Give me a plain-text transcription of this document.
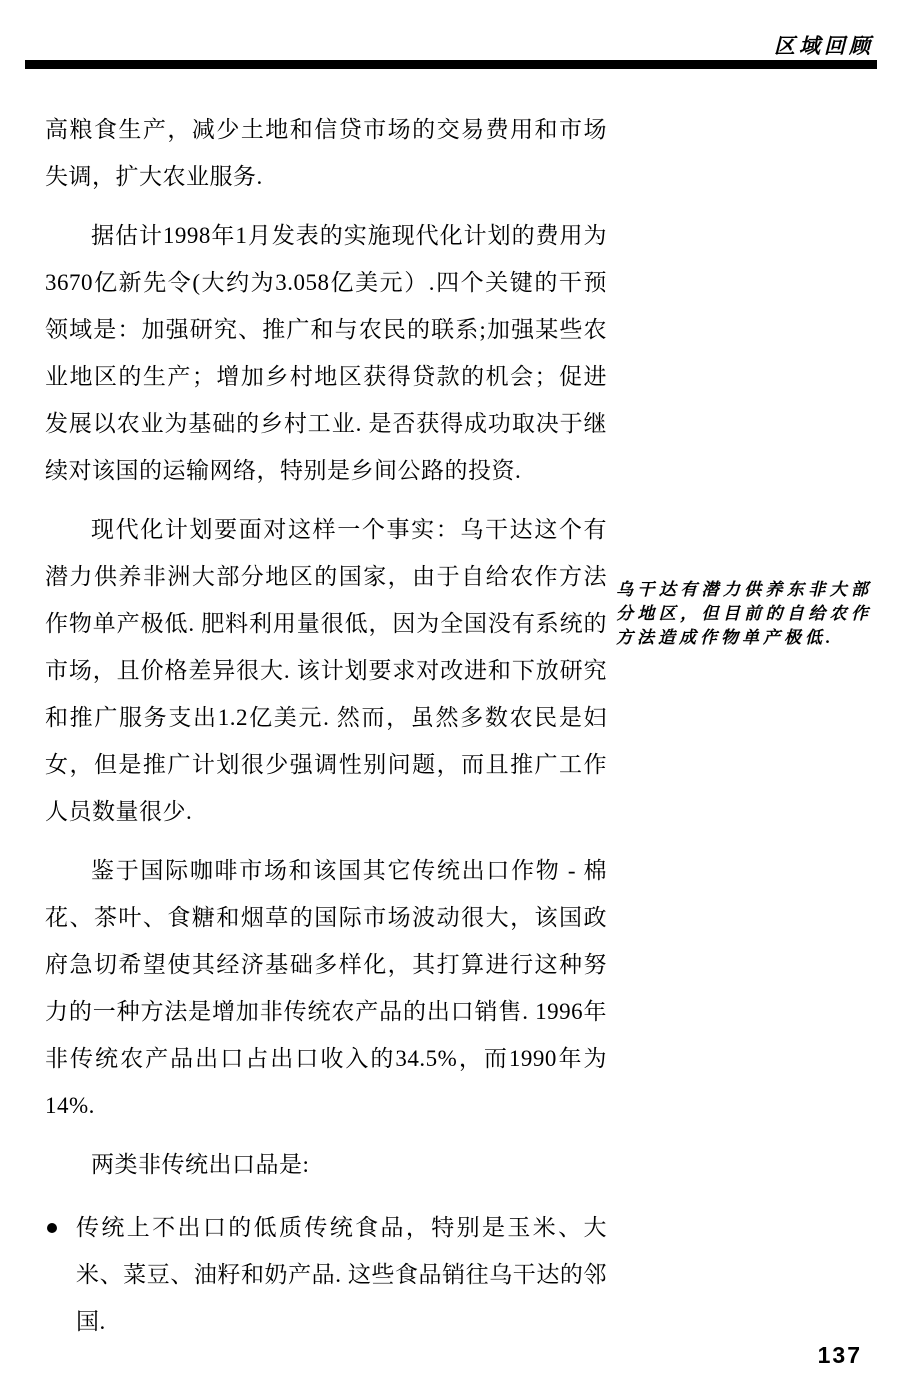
区域回顾
高粮食生产，减少土地和信贷市场的交易费用和市场失调，扩大农业服务.
据估计1998年1月发表的实施现代化计划的费用为3670亿新先令(大约为3.058亿美元）.四个关键的干预领域是：加强研究、推广和与农民的联系;加强某些农业地区的生产；增加乡村地区获得贷款的机会；促进发展以农业为基础的乡村工业. 是否获得成功取决于继续对该国的运输网络，特别是乡间公路的投资.
现代化计划要面对这样一个事实：乌干达这个有潜力供养非洲大部分地区的国家，由于自给农作方法作物单产极低. 肥料利用量很低，因为全国没有系统的市场，且价格差异很大. 该计划要求对改进和下放研究和推广服务支出1.2亿美元. 然而，虽然多数农民是妇女，但是推广计划很少强调性别问题，而且推广工作人员数量很少.
鉴于国际咖啡市场和该国其它传统出口作物 - 棉花、茶叶、食糖和烟草的国际市场波动很大，该国政府急切希望使其经济基础多样化，其打算进行这种努力的一种方法是增加非传统农产品的出口销售. 1996年非传统农产品出口占出口收入的34.5%，而1990年为14%.
两类非传统出口品是:
传统上不出口的低质传统食品，特别是玉米、大米、菜豆、油籽和奶产品. 这些食品销往乌干达的邻国.
乌干达有潜力供养东非大部分地区，但目前的自给农作方法造成作物单产极低.
137
